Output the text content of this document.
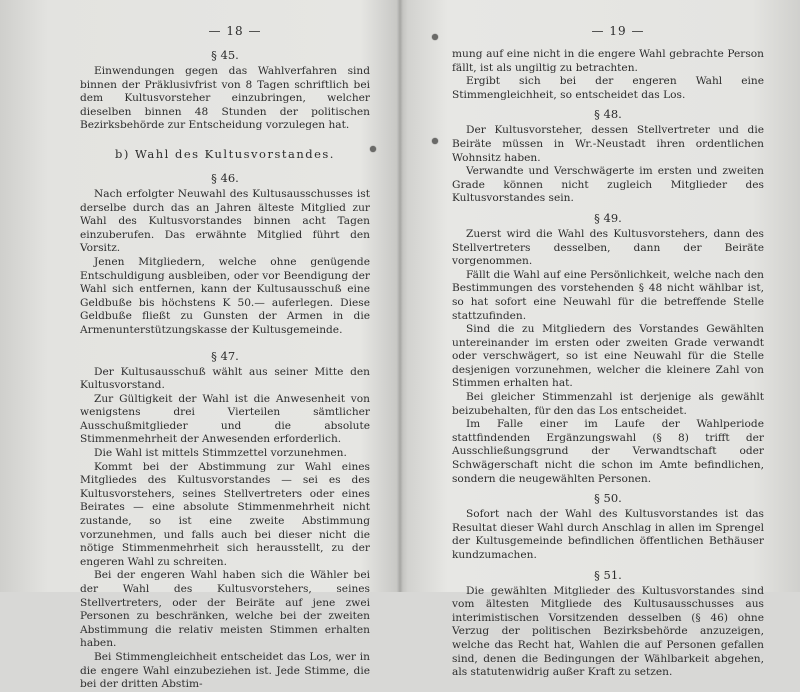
— 18 —
§ 45.

Einwendungen gegen das Wahlverfahren sind binnen der Präklusivfrist von 8 Tagen schriftlich bei dem Kultusvorsteher einzubringen, welcher dieselben binnen 48 Stunden der politischen Bezirksbehörde zur Entscheidung vorzulegen hat.

b) Wahl des Kultusvorstandes.
§ 46.

Nach erfolgter Neuwahl des Kultusausschusses ist derselbe durch das an Jahren älteste Mitglied zur Wahl des Kultusvorstandes binnen acht Tagen einzuberufen. Das erwähnte Mitglied führt den Vorsitz.

Jenen Mitgliedern, welche ohne genügende Entschuldigung ausbleiben, oder vor Beendigung der Wahl sich entfernen, kann der Kultusausschuß eine Geldbuße bis höchstens K 50.— auferlegen. Diese Geldbuße fließt zu Gunsten der Armen in die Armenunterstützungskasse der Kultusgemeinde.

§ 47.

Der Kultusausschuß wählt aus seiner Mitte den Kultusvorstand.

Zur Gültigkeit der Wahl ist die Anwesenheit von wenigstens drei Vierteilen sämtlicher Ausschußmitglieder und die absolute Stimmenmehrheit der Anwesenden erforderlich.

Die Wahl ist mittels Stimmzettel vorzunehmen.

Kommt bei der Abstimmung zur Wahl eines Mitgliedes des Kultusvorstandes — sei es des Kultusvorstehers, seines Stellvertreters oder eines Beirates — eine absolute Stimmenmehrheit nicht zustande, so ist eine zweite Abstimmung vorzunehmen, und falls auch bei dieser nicht die nötige Stimmenmehrheit sich herausstellt, zu der engeren Wahl zu schreiten.

Bei der engeren Wahl haben sich die Wähler bei der Wahl des Kultusvorstehers, seines Stellvertreters, oder der Beiräte auf jene zwei Personen zu beschränken, welche bei der zweiten Abstimmung die relativ meisten Stimmen erhalten haben.

Bei Stimmengleichheit entscheidet das Los, wer in die engere Wahl einzubeziehen ist. Jede Stimme, die bei der dritten Abstim-

— 19 —

mung auf eine nicht in die engere Wahl gebrachte Person fällt, ist als ungiltig zu betrachten.

Ergibt sich bei der engeren Wahl eine Stimmengleichheit, so entscheidet das Los.

§ 48.

Der Kultusvorsteher, dessen Stellvertreter und die Beiräte müssen in Wr.-Neustadt ihren ordentlichen Wohnsitz haben.

Verwandte und Verschwägerte im ersten und zweiten Grade können nicht zugleich Mitglieder des Kultusvorstandes sein.

§ 49.

Zuerst wird die Wahl des Kultusvorstehers, dann des Stellvertreters desselben, dann der Beiräte vorgenommen.

Fällt die Wahl auf eine Persönlichkeit, welche nach den Bestimmungen des vorstehenden § 48 nicht wählbar ist, so hat sofort eine Neuwahl für die betreffende Stelle stattzufinden.

Sind die zu Mitgliedern des Vorstandes Gewählten untereinander im ersten oder zweiten Grade verwandt oder verschwägert, so ist eine Neuwahl für die Stelle desjenigen vorzunehmen, welcher die kleinere Zahl von Stimmen erhalten hat.

Bei gleicher Stimmenzahl ist derjenige als gewählt beizubehalten, für den das Los entscheidet.

Im Falle einer im Laufe der Wahlperiode stattfindenden Ergänzungswahl (§ 8) trifft der Ausschließungsgrund der Verwandtschaft oder Schwägerschaft nicht die schon im Amte befindlichen, sondern die neugewählten Personen.

§ 50.

Sofort nach der Wahl des Kultusvorstandes ist das Resultat dieser Wahl durch Anschlag in allen im Sprengel der Kultusgemeinde befindlichen öffentlichen Bethäuser kundzumachen.

§ 51.

Die gewählten Mitglieder des Kultusvorstandes sind vom ältesten Mitgliede des Kultusausschusses aus interimistischen Vorsitzenden desselben (§ 46) ohne Verzug der politischen Bezirksbehörde anzuzeigen, welche das Recht hat, Wahlen die auf Personen gefallen sind, denen die Bedingungen der Wählbarkeit abgehen, als statutenwidrig außer Kraft zu setzen.
